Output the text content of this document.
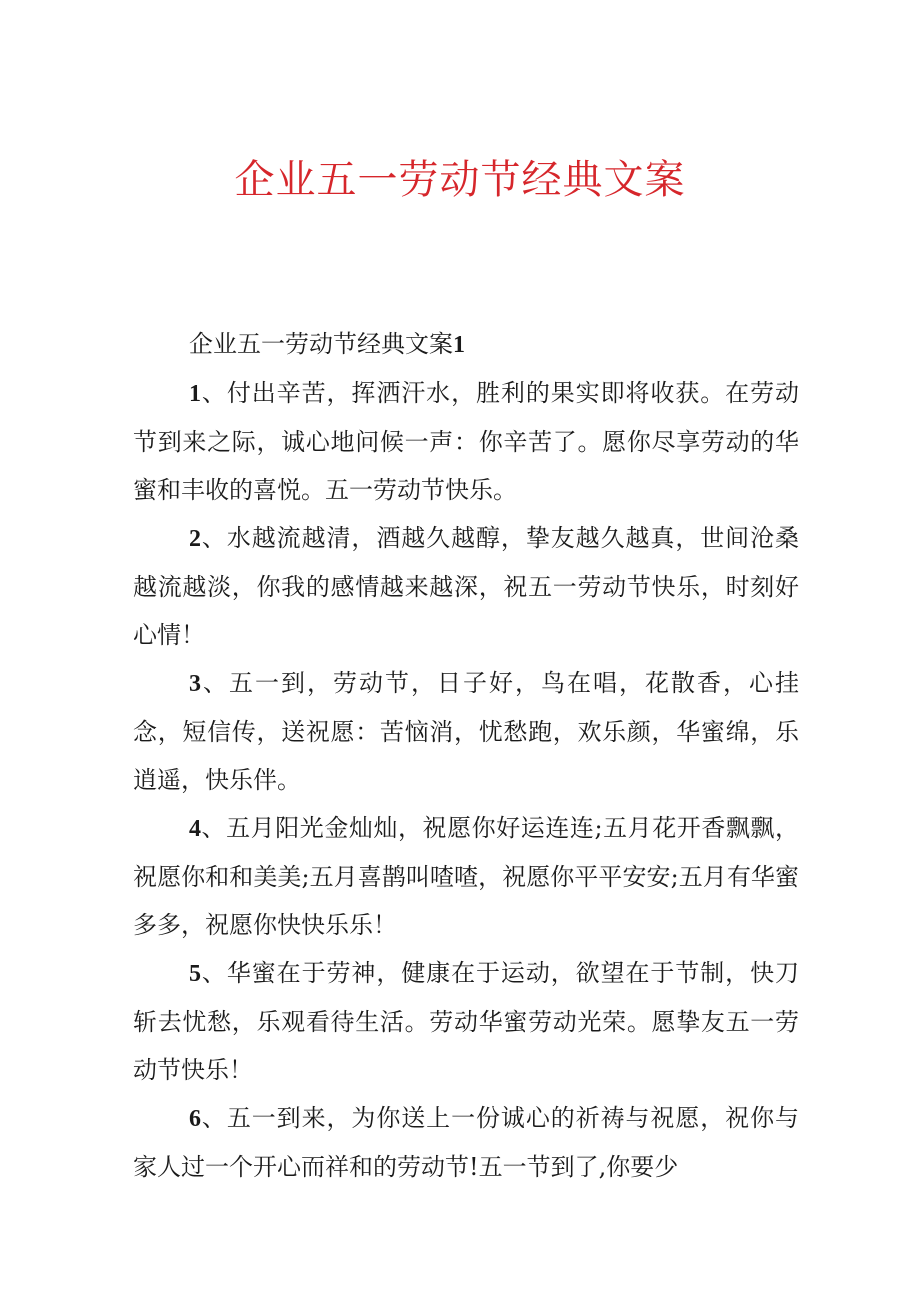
企业五一劳动节经典文案

企业五一劳动节经典文案1

1、付出辛苦，挥洒汗水，胜利的果实即将收获。在劳动节到来之际，诚心地问候一声：你辛苦了。愿你尽享劳动的华蜜和丰收的喜悦。五一劳动节快乐。

2、水越流越清，酒越久越醇，挚友越久越真，世间沧桑越流越淡，你我的感情越来越深，祝五一劳动节快乐，时刻好心情！

3、五一到，劳动节，日子好，鸟在唱，花散香，心挂念，短信传，送祝愿：苦恼消，忧愁跑，欢乐颜，华蜜绵，乐逍遥，快乐伴。

4、五月阳光金灿灿，祝愿你好运连连;五月花开香飘飘，祝愿你和和美美;五月喜鹊叫喳喳，祝愿你平平安安;五月有华蜜多多，祝愿你快快乐乐！

5、华蜜在于劳神，健康在于运动，欲望在于节制，快刀斩去忧愁，乐观看待生活。劳动华蜜劳动光荣。愿挚友五一劳动节快乐！

6、五一到来，为你送上一份诚心的祈祷与祝愿，祝你与家人过一个开心而祥和的劳动节!五一节到了,你要少
